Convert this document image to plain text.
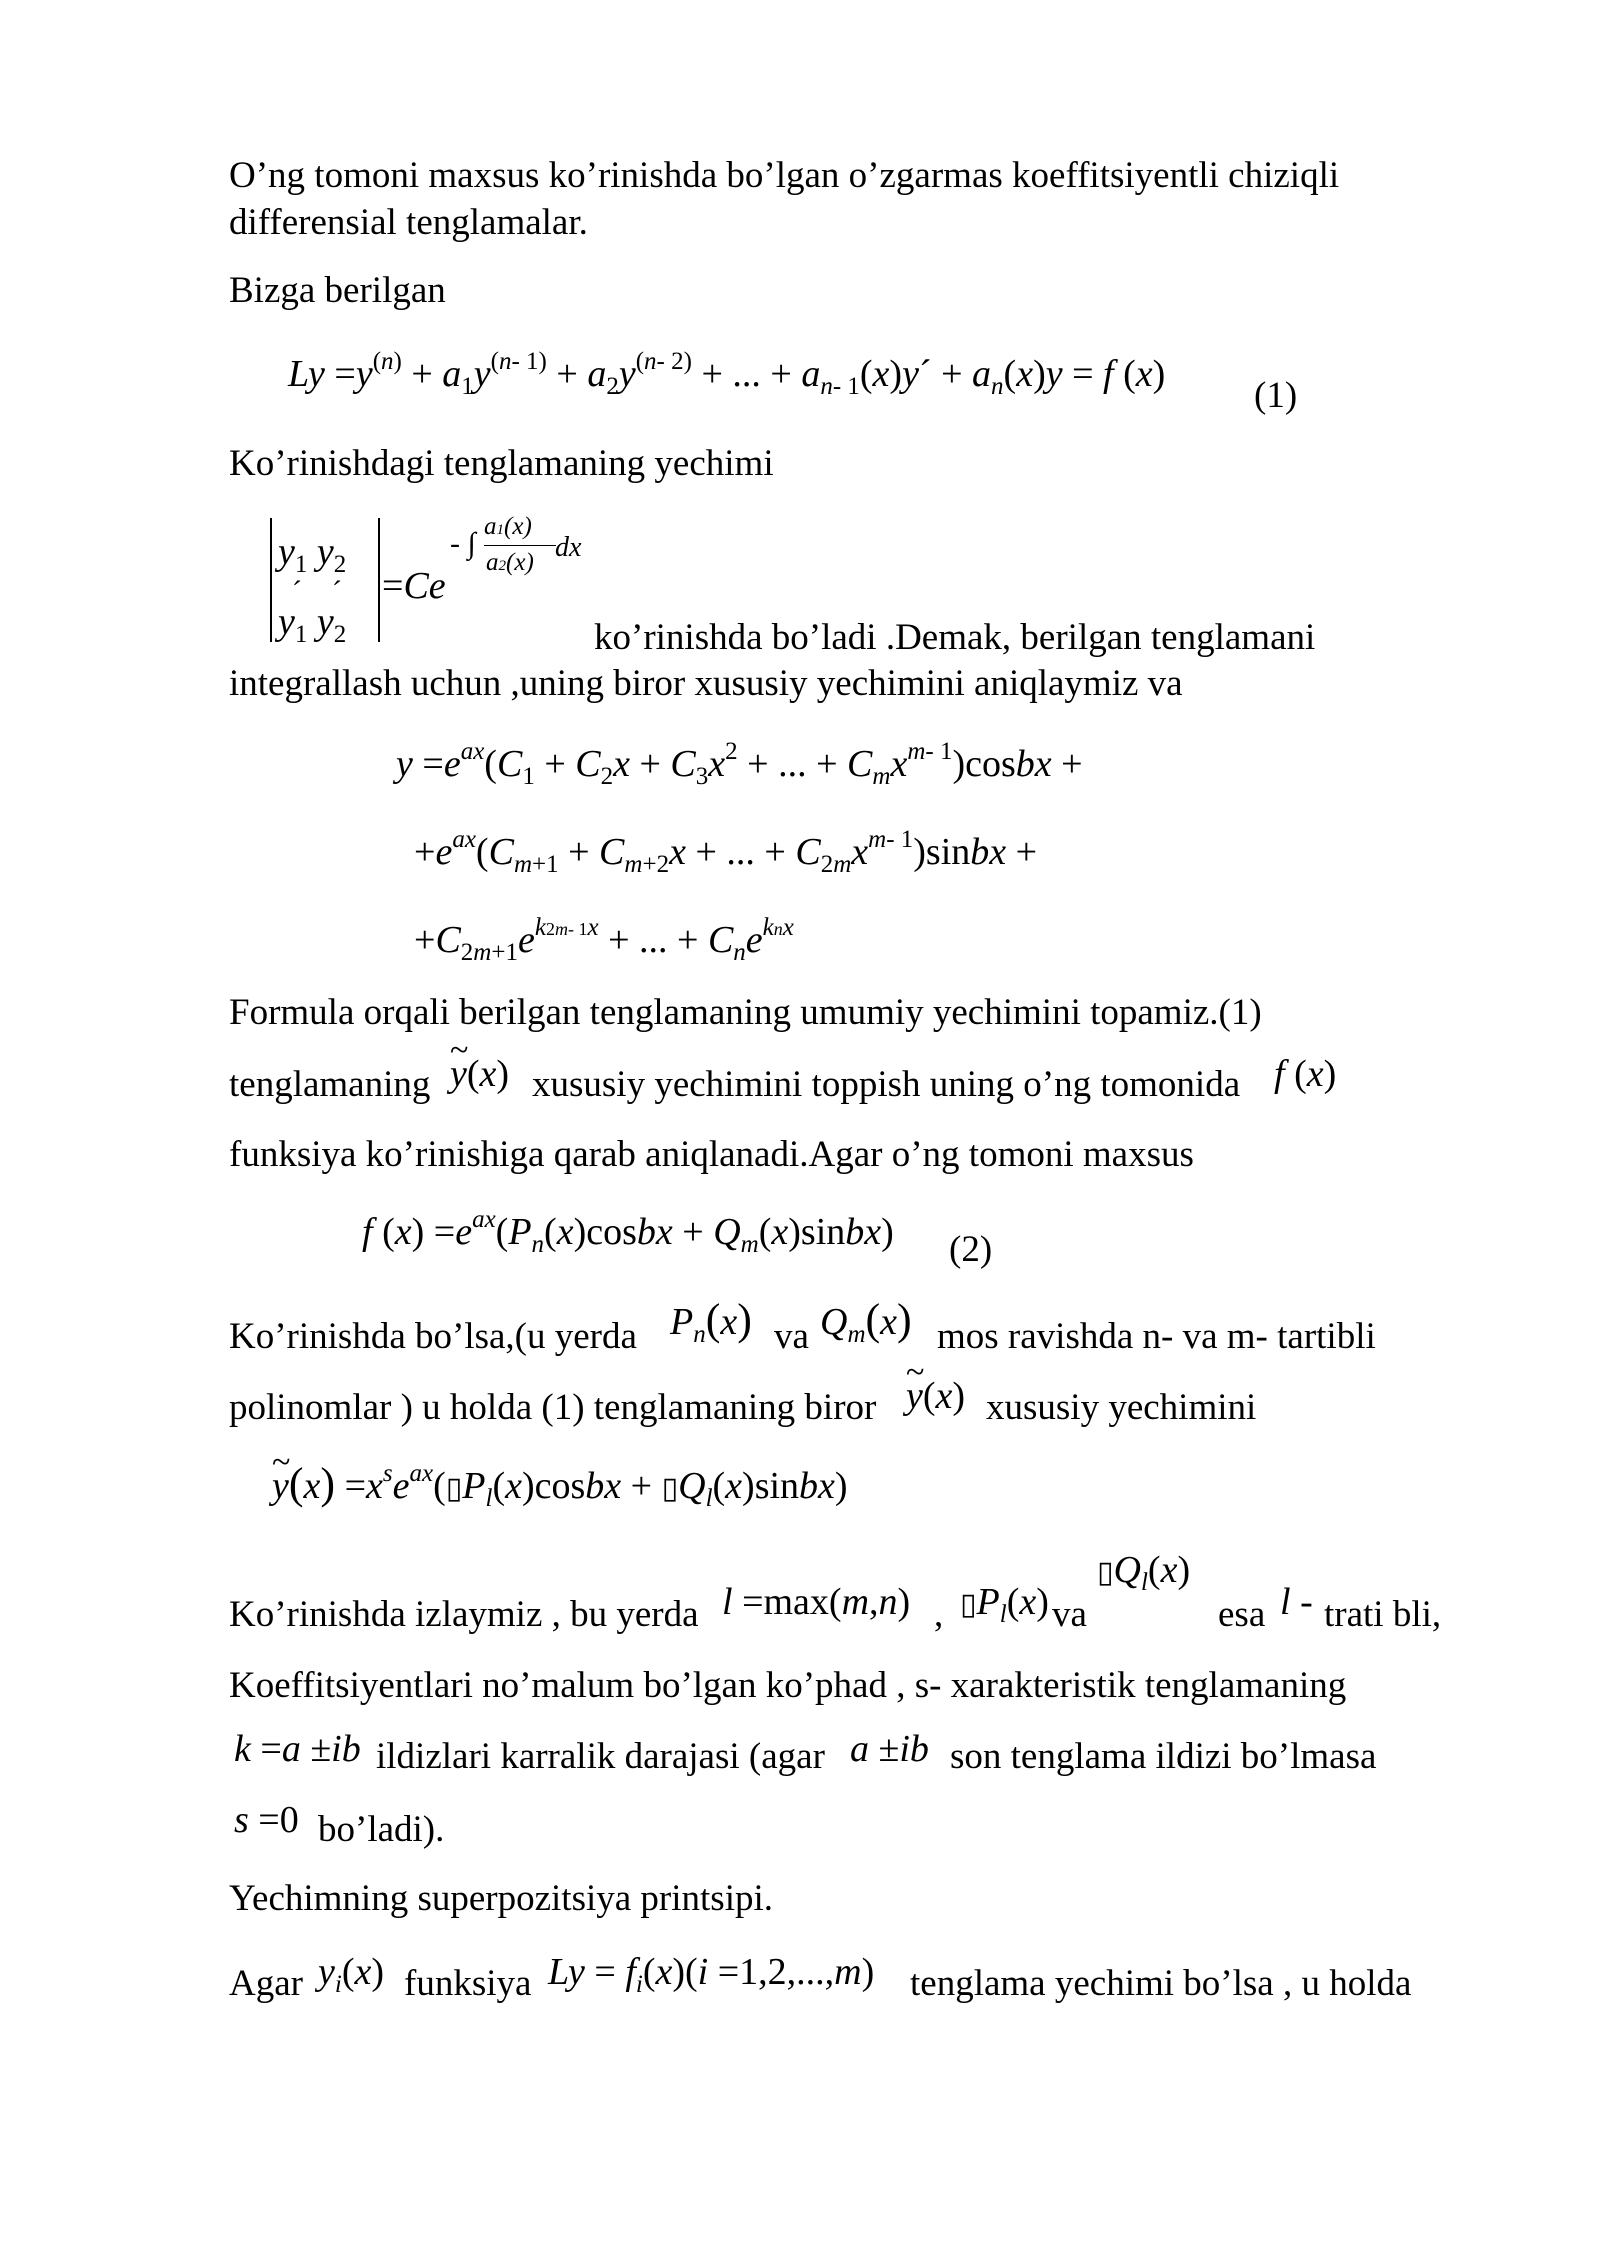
O’ng tomoni maxsus ko’rinishda bo’lgan o’zgarmas koeffitsiyentli chiziqli
differensial tenglamalar.
Bizga berilgan
$Ly =y^{(n)} + a_1y^{(n- 1)} + a_2y^{(n- 2)}$ + ... + $a_{n- 1}(x)y´ + a_n(x)y = f$ (x)
(1)
Ko’rinishdagi tenglamaning yechimi
$y_1$ $y_2$
´    ´
$y_1$ $y_2$
=Ce
- ∫
a1(x)
a2(x) dx
ko’rinishda bo’ladi .Demak, berilgan tenglamani
integrallash uchun ,uning biror xususiy yechimini aniqlaymiz va
$y =e^{ax}(C_1 + C_2x + C_3x^2$ + ... + $C_mx^{m- 1})cosbx$ +
$+e^{ax}(C_{m+1} + C_{m+2}x$ + ... + $C_{2m}x^{m- 1})sinbx$ +
$+C_{2m+1}e^{k2m- 1x}$ + ... + $C_ne^{knx}$
Formula orqali berilgan tenglamaning umumiy yechimini topamiz.(1)
tenglamaning ~ y(x) xususiy yechimini toppish uning o’ng tomonida f (x)
funksiya ko’rinishiga qarab aniqlanadi.Agar o’ng tomoni maxsus
f $(x) =e^{ax}(P_n(x)cosbx$ + $Q_m(x)sinbx$) (2)
Ko’rinishda bo’lsa,(u yerda $P_n(x)$ va $Q_m(x)$ mos ravishda n- va m- tartibli
polinomlar ) u holda (1) tenglamaning biror ~ y(x) xususiy yechimini
~ $y(x) =x^se^{ax}(▯P_l(x)cosbx$ + $▯Q_l(x)sinbx$)
Ko’rinishda izlaymiz , bu yerda l =max(m,n) , $▯P_l(x)$ va
$▯Q_l(x)$
esa l - trati bli,
Koeffitsiyentlari no’malum bo’lgan ko’phad , s- xarakteristik tenglamaning
k =a ±ib ildizlari karralik darajasi (agar a ±ib son tenglama ildizi bo’lmasa
s =0 bo’ladi).
Yechimning superpozitsiya printsipi.
Agar $y_i(x)$ funksiya $Ly = f_i(x)(i =1,2,...,m)$ tenglama yechimi bo’lsa , u holda
